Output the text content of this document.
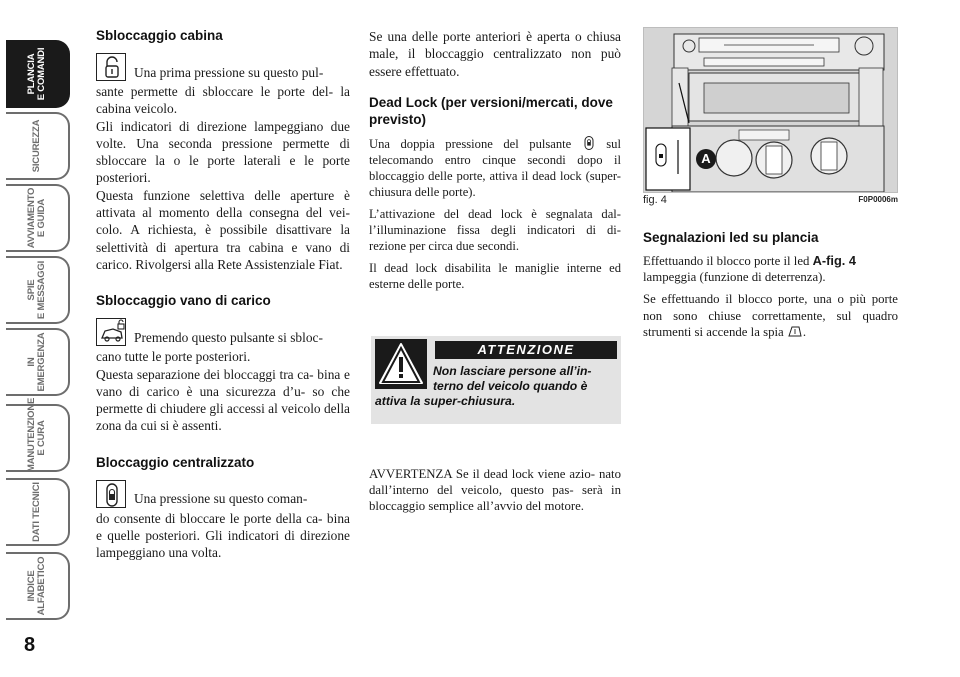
PLANCIA
E COMANDI
SICUREZZA
AVVIAMENTO
E GUIDA
SPIE
E MESSAGGI
IN
EMERGENZA
MANUTENZIONE
E CURA
DATI TECNICI
INDICE
ALFABETICO
8
Sbloccaggio cabina

Una prima pressione su questo pul-

sante permette di sbloccare le porte del- la cabina veicolo.

Gli indicatori di direzione lampeggiano due volte. Una seconda pressione permette di sbloccare la o le porte laterali e le porte posteriori.

Questa funzione selettiva delle aperture è attivata al momento della consegna del vei- colo. A richiesta, è possibile disattivare la selettività di apertura tra cabina e vano di carico. Rivolgersi alla Rete Assistenziale Fiat.

Sbloccaggio vano di carico

Premendo questo pulsante si sbloc-

cano tutte le porte posteriori.

Questa separazione dei bloccaggi tra ca- bina e vano di carico è una sicurezza d’u- so che permette di chiudere gli accessi al veicolo della zona da cui si è assenti.

Bloccaggio centralizzato

Una pressione su questo coman-

do consente di bloccare le porte della ca- bina e quelle posteriori. Gli indicatori di direzione lampeggiano una volta.

Se una delle porte anteriori è aperta o chiusa male, il bloccaggio centralizzato non può essere effettuato.

Dead Lock (per versioni/mercati, dove previsto)

Una doppia pressione del pulsante	sul telecomando entro cinque secondi dopo il bloccaggio delle porte, attiva il dead lock (super-chiusura delle porte).

L’attivazione del dead lock è segnalata dal- l’illuminazione fissa degli indicatori di di- rezione per circa due secondi.

Il dead lock disabilita le maniglie interne ed esterne delle porte.

ATTENZIONE
Non lasciare persone all’in- terno del veicolo quando è
attiva la super-chiusura.

AVVERTENZA Se il dead lock viene azio- nato dall’interno del veicolo, questo pas- serà in bloccaggio semplice all’avvio del motore.

A
fig. 4	F0P0006m
Segnalazioni led su plancia

Effettuando il blocco porte il led A-fig. 4 lampeggia (funzione di deterrenza).

Se effettuando il blocco porte, una o più porte non sono chiuse correttamente, sul quadro strumenti si accende la spia .
